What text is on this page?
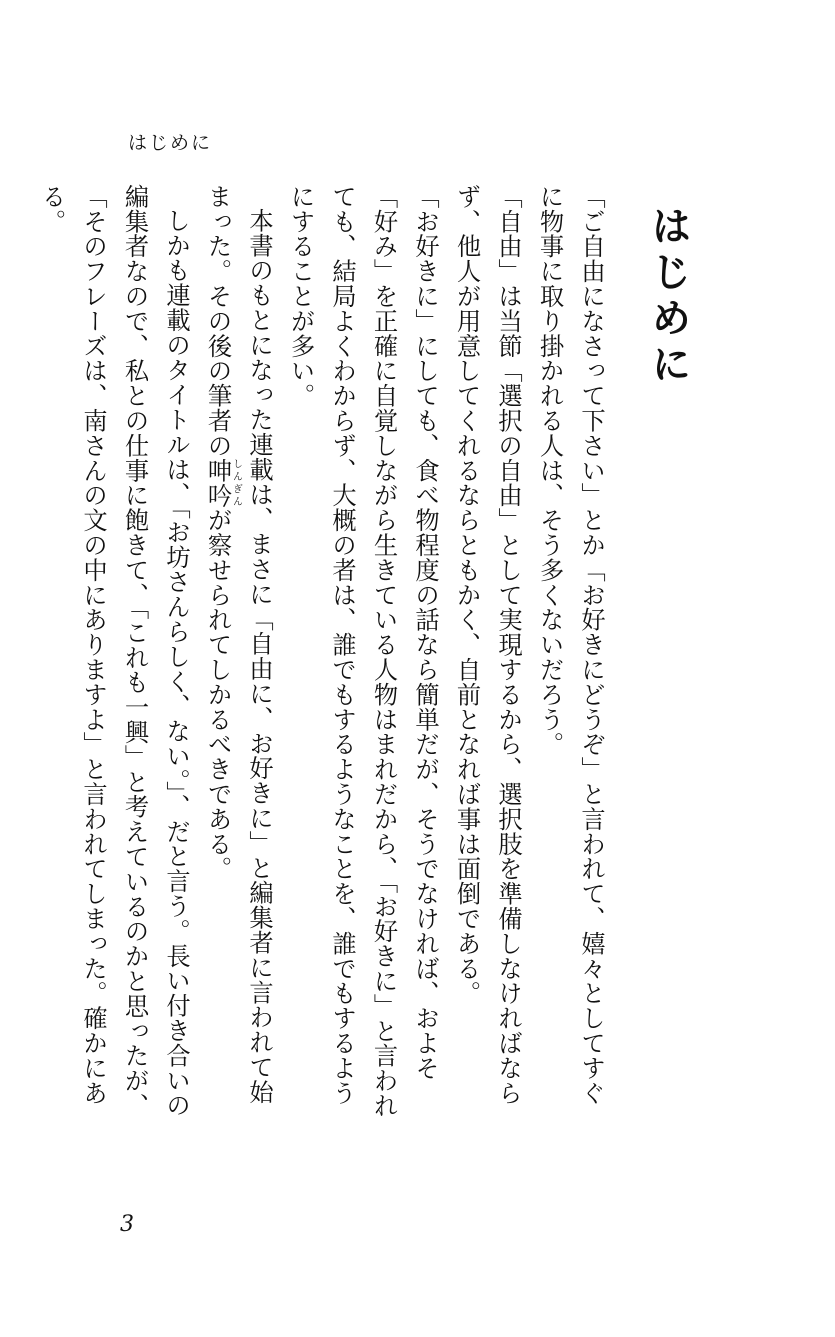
はじめに

はじめに

「ご自由になさって下さい」とか「お好きにどうぞ」と言われて、嬉々としてすぐに物事に取り掛かれる人は、そう多くないだろう。

「自由」は当節「選択の自由」として実現するから、選択肢を準備しなければならず、他人が用意してくれるならともかく、自前となれば事は面倒である。

「お好きに」にしても、食べ物程度の話なら簡単だが、そうでなければ、およそ「好み」を正確に自覚しながら生きている人物はまれだから、「お好きに」と言われても、結局よくわからず、大概の者は、誰でもするようなことを、誰でもするようにすることが多い。

本書のもとになった連載は、まさに「自由に、お好きに」と編集者に言われて始まった。その後の筆者の呻吟しんぎんが察せられてしかるべきである。

しかも連載のタイトルは、「お坊さんらしく、ない。」、だと言う。長い付き合いの編集者なので、私との仕事に飽きて、「これも一興」と考えているのかと思ったが、「そのフレーズは、南さんの文の中にありますよ」と言われてしまった。確かにある。

3
